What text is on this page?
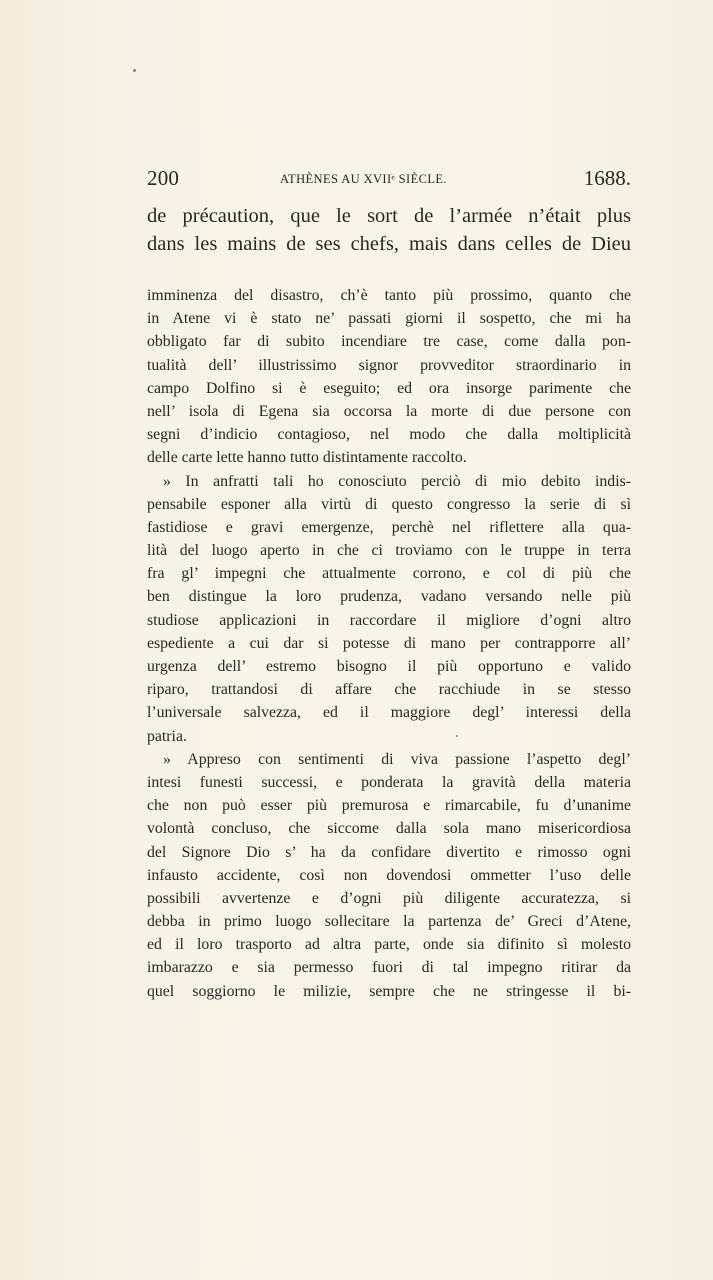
200	ATHÈNES AU XVIIᵉ SIÈCLE.	1688.
de précaution, que le sort de l’armée n’était plus
dans les mains de ses chefs, mais dans celles de Dieu
imminenza del disastro, ch’è tanto più prossimo, quanto che
in Atene vi è stato ne’ passati giorni il sospetto, che mi ha
obbligato far di subito incendiare tre case, come dalla pon-
tualità dell’ illustrissimo signor provveditor straordinario in
campo Dolfino si è eseguito; ed ora insorge parimente che
nell’ isola di Egena sia occorsa la morte di due persone con
segni d’indicio contagioso, nel modo che dalla moltiplicità
delle carte lette hanno tutto distintamente raccolto.
» In anfratti tali ho conosciuto perciò di mio debito indis-
pensabile esponer alla virtù di questo congresso la serie di sì
fastidiose e gravi emergenze, perchè nel riflettere alla qua-
lità del luogo aperto in che ci troviamo con le truppe in terra
fra gl’ impegni che attualmente corrono, e col di più che
ben distingue la loro prudenza, vadano versando nelle più
studiose applicazioni in raccordare il migliore d’ogni altro
espediente a cui dar si potesse di mano per contrapporre all’
urgenza dell’ estremo bisogno il più opportuno e valido
riparo, trattandosi di affare che racchiude in se stesso
l’universale salvezza, ed il maggiore degl’ interessi della
patria.
» Appreso con sentimenti di viva passione l’aspetto degl’
intesi funesti successi, e ponderata la gravità della materia
che non può esser più premurosa e rimarcabile, fu d’unanime
volontà concluso, che siccome dalla sola mano misericordiosa
del Signore Dio s’ ha da confidare divertito e rimosso ogni
infausto accidente, così non dovendosi ommetter l’uso delle
possibili avvertenze e d’ogni più diligente accuratezza, si
debba in primo luogo sollecitare la partenza de’ Greci d’Atene,
ed il loro trasporto ad altra parte, onde sia difinito sì molesto
imbarazzo e sia permesso fuori di tal impegno ritirar da
quel soggiorno le milizie, sempre che ne stringesse il bi-
